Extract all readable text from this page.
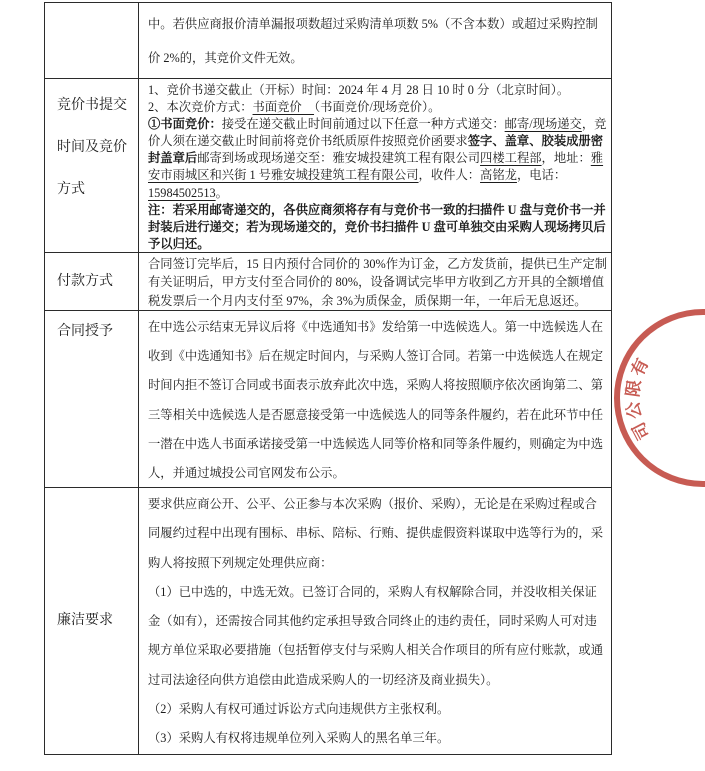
中。若供应商报价清单漏报项数超过采购清单项数 5%（不含本数）或超过采购控制
价 2%的，其竞价文件无效。
竞价书提交
时间及竞价
方式
1、竞价书递交截止（开标）时间：2024 年 4 月 28 日 10 时 0 分（北京时间）。
2、本次竞价方式：书面竞价　（书面竞价/现场竞价）。
①书面竞价：接受在递交截止时间前通过以下任意一种方式递交：邮寄/现场递交，竞
价人须在递交截止时间前将竞价书纸质原件按照竞价函要求签字、盖章、胶装成册密
封盖章后邮寄到场或现场递交至：雅安城投建筑工程有限公司四楼工程部，地址：雅
安市雨城区和兴街 1 号雅安城投建筑工程有限公司，收件人：高铭龙，电话：
15984502513。
注：若采用邮寄递交的，各供应商须将存有与竞价书一致的扫描件 U 盘与竞价书一并
封装后进行递交；若为现场递交的，竞价书扫描件 U 盘可单独交由采购人现场拷贝后
予以归还。
付款方式
合同签订完毕后，15 日内预付合同价的 30%作为订金，乙方发货前，提供已生产定制
有关证明后，甲方支付至合同价的 80%，设备调试完毕甲方收到乙方开具的全额增值
税发票后一个月内支付至 97%，余 3%为质保金，质保期一年，一年后无息返还。
合同授予	在中选公示结束无异议后将《中选通知书》发给第一中选候选人。第一中选候选人在
收到《中选通知书》后在规定时间内，与采购人签订合同。若第一中选候选人在规定
时间内拒不签订合同或书面表示放弃此次中选，采购人将按照顺序依次函询第二、第
三等相关中选候选人是否愿意接受第一中选候选人的同等条件履约，若在此环节中任
一潜在中选人书面承诺接受第一中选候选人同等价格和同等条件履约，则确定为中选
人，并通过城投公司官网发布公示。
廉洁要求
要求供应商公开、公平、公正参与本次采购（报价、采购），无论是在采购过程或合
同履约过程中出现有围标、串标、陪标、行贿、提供虚假资料谋取中选等行为的，采
购人将按照下列规定处理供应商：
（1）已中选的，中选无效。已签订合同的，采购人有权解除合同，并没收相关保证
金（如有），还需按合同其他约定承担导致合同终止的违约责任，同时采购人可对违
规方单位采取必要措施（包括暂停支付与采购人相关合作项目的所有应付账款，或通
过司法途径向供方追偿由此造成采购人的一切经济及商业损失）。
（2）采购人有权可通过诉讼方式向违规供方主张权利。
（3）采购人有权将违规单位列入采购人的黑名单三年。
司
公
限
有
